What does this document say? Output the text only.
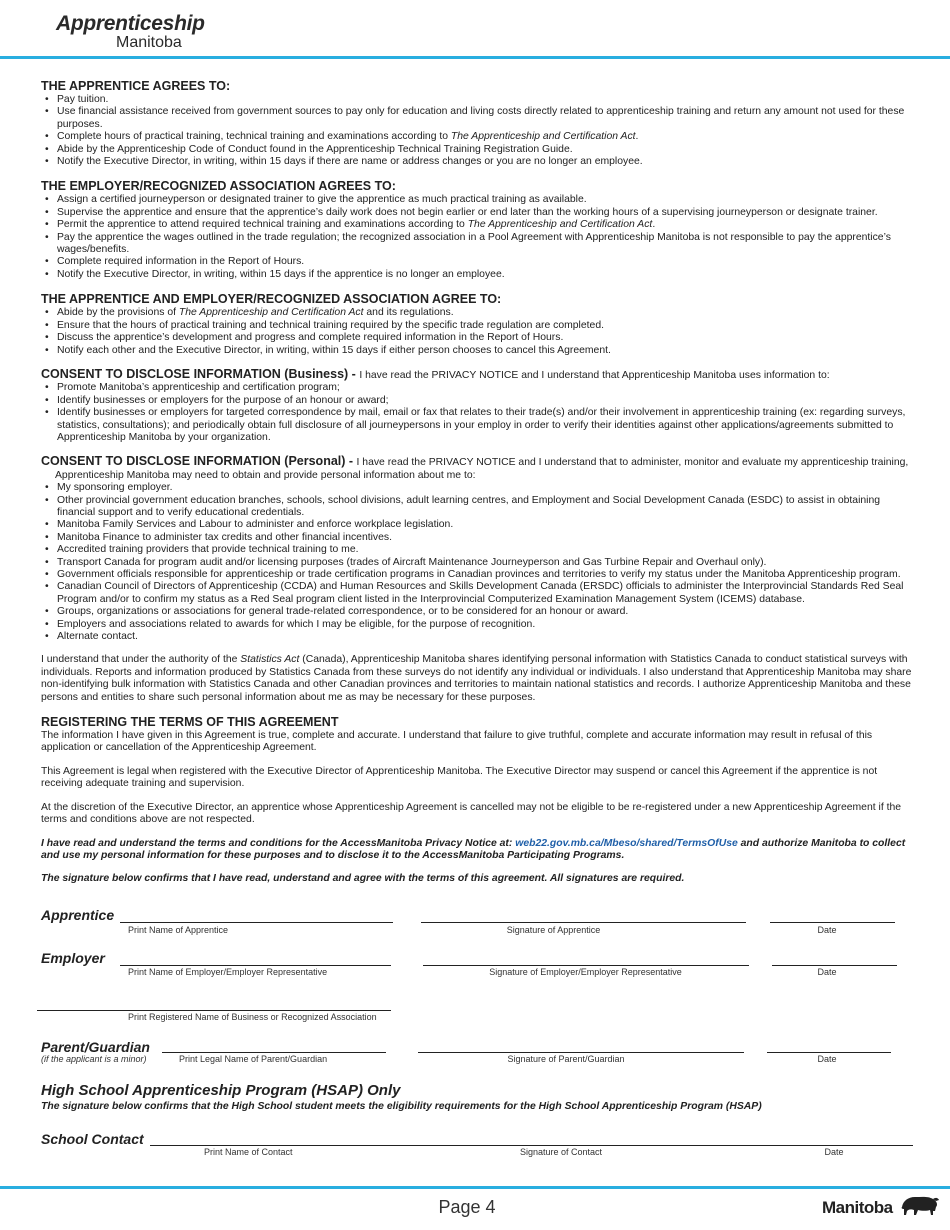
Apprenticeship
Manitoba
THE APPRENTICE AGREES TO:
• Pay tuition.
• Use financial assistance received from government sources to pay only for education and living costs directly related to apprenticeship training and return any amount not used for these purposes.
• Complete hours of practical training, technical training and examinations according to The Apprenticeship and Certification Act.
• Abide by the Apprenticeship Code of Conduct found in the Apprenticeship Technical Training Registration Guide.
• Notify the Executive Director, in writing, within 15 days if there are name or address changes or you are no longer an employee.
THE EMPLOYER/RECOGNIZED ASSOCIATION AGREES TO:
• Assign a certified journeyperson or designated trainer to give the apprentice as much practical training as available.
• Supervise the apprentice and ensure that the apprentice’s daily work does not begin earlier or end later than the working hours of a supervising journeyperson or designate trainer.
• Permit the apprentice to attend required technical training and examinations according to The Apprenticeship and Certification Act.
• Pay the apprentice the wages outlined in the trade regulation; the recognized association in a Pool Agreement with Apprenticeship Manitoba is not responsible to pay the apprentice’s wages/benefits.
• Complete required information in the Report of Hours.
• Notify the Executive Director, in writing, within 15 days if the apprentice is no longer an employee.
THE APPRENTICE AND EMPLOYER/RECOGNIZED ASSOCIATION AGREE TO:
• Abide by the provisions of The Apprenticeship and Certification Act and its regulations.
• Ensure that the hours of practical training and technical training required by the specific trade regulation are completed.
• Discuss the apprentice’s development and progress and complete required information in the Report of Hours.
• Notify each other and the Executive Director, in writing, within 15 days if either person chooses to cancel this Agreement.
CONSENT TO DISCLOSE INFORMATION (Business) - I have read the PRIVACY NOTICE and I understand that Apprenticeship Manitoba uses information to:
• Promote Manitoba’s apprenticeship and certification program;
• Identify businesses or employers for the purpose of an honour or award;
• Identify businesses or employers for targeted correspondence by mail, email or fax that relates to their trade(s) and/or their involvement in apprenticeship training (ex: regarding surveys, statistics, consultations); and periodically obtain full disclosure of all journeypersons in your employ in order to verify their identities against other applications/agreements submitted to Apprenticeship Manitoba by your organization.
CONSENT TO DISCLOSE INFORMATION (Personal) - I have read the PRIVACY NOTICE and I understand that to administer, monitor and evaluate my apprenticeship training, Apprenticeship Manitoba may need to obtain and provide personal information about me to:
• My sponsoring employer.
• Other provincial government education branches, schools, school divisions, adult learning centres, and Employment and Social Development Canada (ESDC) to assist in obtaining financial support and to verify educational credentials.
• Manitoba Family Services and Labour to administer and enforce workplace legislation.
• Manitoba Finance to administer tax credits and other financial incentives.
• Accredited training providers that provide technical training to me.
• Transport Canada for program audit and/or licensing purposes (trades of Aircraft Maintenance Journeyperson and Gas Turbine Repair and Overhaul only).
• Government officials responsible for apprenticeship or trade certification programs in Canadian provinces and territories to verify my status under the Manitoba Apprenticeship program.
• Canadian Council of Directors of Apprenticeship (CCDA) and Human Resources and Skills Development Canada (ERSDC) officials to administer the Interprovincial Standards Red Seal Program and/or to confirm my status as a Red Seal program client listed in the Interprovincial Computerized Examination Management System (ICEMS) database.
• Groups, organizations or associations for general trade-related correspondence, or to be considered for an honour or award.
• Employers and associations related to awards for which I may be eligible, for the purpose of recognition.
• Alternate contact.

I understand that under the authority of the Statistics Act (Canada), Apprenticeship Manitoba shares identifying personal information with Statistics Canada to conduct statistical surveys with individuals. Reports and information produced by Statistics Canada from these surveys do not identify any individual or individuals. I also understand that Apprenticeship Manitoba may share non-identifying bulk information with Statistics Canada and other Canadian provinces and territories to maintain national statistics and records. I authorize Apprenticeship Manitoba and these persons and entities to share such personal information about me as may be necessary for these purposes.

REGISTERING THE TERMS OF THIS AGREEMENT

The information I have given in this Agreement is true, complete and accurate. I understand that failure to give truthful, complete and accurate information may result in refusal of this application or cancellation of the Apprenticeship Agreement.

This Agreement is legal when registered with the Executive Director of Apprenticeship Manitoba. The Executive Director may suspend or cancel this Agreement if the apprentice is not receiving adequate training and supervision.

At the discretion of the Executive Director, an apprentice whose Apprenticeship Agreement is cancelled may not be eligible to be re-registered under a new Apprenticeship Agreement if the terms and conditions above are not respected.

I have read and understand the terms and conditions for the AccessManitoba Privacy Notice at: web22.gov.mb.ca/Mbeso/shared/TermsOfUse and authorize Manitoba to collect and use my personal information for these purposes and to disclose it to the AccessManitoba Participating Programs.

The signature below confirms that I have read, understand and agree with the terms of this agreement. All signatures are required.

Apprentice
Print Name of Apprentice	Signature of Apprentice	Date
Employer
Print Name of Employer/Employer Representative	Signature of Employer/Employer Representative	Date
Print Registered Name of Business or Recognized Association
Parent/Guardian
(if the applicant is a minor)	Print Legal Name of Parent/Guardian	Signature of Parent/Guardian	Date
High School Apprenticeship Program (HSAP) Only
The signature below confirms that the High School student meets the eligibility requirements for the High School Apprenticeship Program (HSAP)
School Contact
Print Name of Contact	Signature of Contact	Date
Page 4	Manitoba
